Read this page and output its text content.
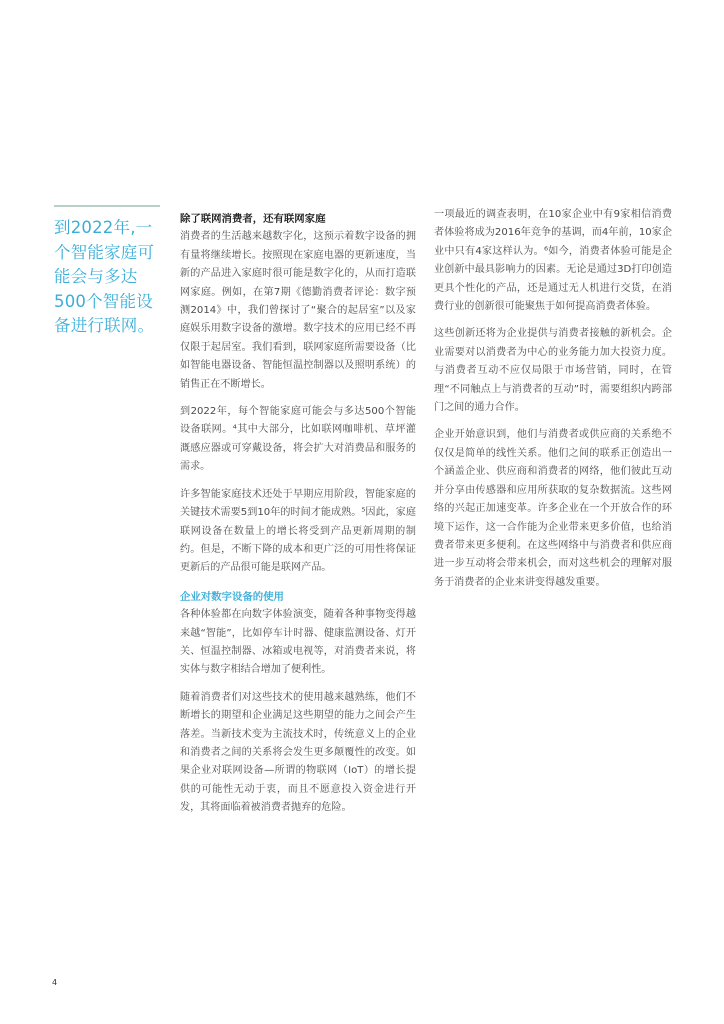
到2022年,一个智能家庭可能会与多达500个智能设备进行联网。
除了联网消费者，还有联网家庭

消费者的生活越来越数字化，这预示着数字设备的拥有量将继续增长。按照现在家庭电器的更新速度，当新的产品进入家庭时很可能是数字化的，从而打造联网家庭。例如，在第7期《德勤消费者评论：数字预测2014》中，我们曾探讨了“聚合的起居室”以及家庭娱乐用数字设备的激增。数字技术的应用已经不再仅限于起居室。我们看到，联网家庭所需要设备（比如智能电器设备、智能恒温控制器以及照明系统）的销售正在不断增长。

到2022年，每个智能家庭可能会与多达500个智能设备联网。⁴其中大部分，比如联网咖啡机、草坪灌溉感应器或可穿戴设备，将会扩大对消费品和服务的需求。

许多智能家庭技术还处于早期应用阶段，智能家庭的关键技术需要5到10年的时间才能成熟。⁵因此，家庭联网设备在数量上的增长将受到产品更新周期的制约。但是，不断下降的成本和更广泛的可用性将保证更新后的产品很可能是联网产品。

企业对数字设备的使用

各种体验都在向数字体验演变，随着各种事物变得越来越“智能”，比如停车计时器、健康监测设备、灯开关、恒温控制器、冰箱或电视等，对消费者来说，将实体与数字相结合增加了便利性。

随着消费者们对这些技术的使用越来越熟练，他们不断增长的期望和企业满足这些期望的能力之间会产生落差。当新技术变为主流技术时，传统意义上的企业和消费者之间的关系将会发生更多颠覆性的改变。如果企业对联网设备—所谓的物联网（IoT）的增长提供的可能性无动于衷，而且不愿意投入资金进行开发，其将面临着被消费者抛弃的危险。

一项最近的调查表明，在10家企业中有9家相信消费者体验将成为2016年竞争的基调，而4年前，10家企业中只有4家这样认为。⁶如今，消费者体验可能是企业创新中最具影响力的因素。无论是通过3D打印创造更具个性化的产品，还是通过无人机进行交货，在消费行业的创新很可能聚焦于如何提高消费者体验。

这些创新还将为企业提供与消费者接触的新机会。企业需要对以消费者为中心的业务能力加大投资力度。与消费者互动不应仅局限于市场营销，同时，在管理“不同触点上与消费者的互动”时，需要组织内跨部门之间的通力合作。

企业开始意识到，他们与消费者或供应商的关系绝不仅仅是简单的线性关系。他们之间的联系正创造出一个涵盖企业、供应商和消费者的网络，他们彼此互动并分享由传感器和应用所获取的复杂数据流。这些网络的兴起正加速变革。许多企业在一个开放合作的环境下运作，这一合作能为企业带来更多价值，也给消费者带来更多便利。在这些网络中与消费者和供应商进一步互动将会带来机会，而对这些机会的理解对服务于消费者的企业来讲变得越发重要。

4
